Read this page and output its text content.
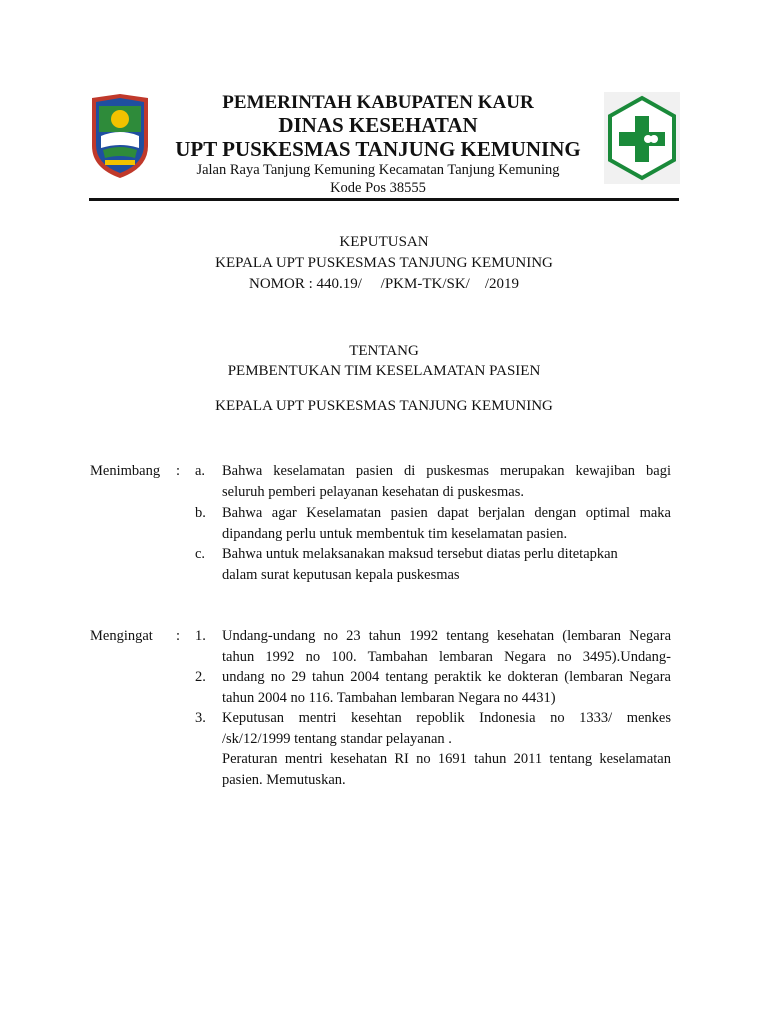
PEMERINTAH KABUPATEN KAUR

DINAS KESEHATAN

UPT PUSKESMAS TANJUNG KEMUNING

Jalan Raya Tanjung Kemuning Kecamatan Tanjung Kemuning

Kode Pos 38555

KEPUTUSAN
KEPALA UPT PUSKESMAS TANJUNG KEMUNING
NOMOR : 440.19/     /PKM-TK/SK/    /2019
TENTANG
PEMBENTUKAN TIM KESELAMATAN PASIEN
KEPALA UPT PUSKESMAS TANJUNG KEMUNING
Menimbang : a. Bahwa keselamatan pasien di puskesmas merupakan kewajiban bagi
seluruh pemberi pelayanan kesehatan di puskesmas.
b. Bahwa agar Keselamatan pasien dapat berjalan dengan optimal maka
dipandang perlu untuk membentuk tim keselamatan pasien.
c. Bahwa untuk melaksanakan maksud tersebut diatas perlu ditetapkan
dalam surat keputusan kepala puskesmas
Mengingat : 1. Undang-undang no 23 tahun 1992 tentang kesehatan (lembaran Negara
tahun 1992 no 100. Tambahan lembaran Negara no 3495).Undang-
2. undang no 29 tahun 2004 tentang peraktik ke dokteran (lembaran Negara
tahun 2004 no 116. Tambahan lembaran Negara no 4431)
3. Keputusan mentri kesehtan repoblik Indonesia no 1333/ menkes
/sk/12/1999 tentang standar pelayanan .
Peraturan mentri kesehatan RI no 1691 tahun 2011 tentang keselamatan
pasien. Memutuskan.
